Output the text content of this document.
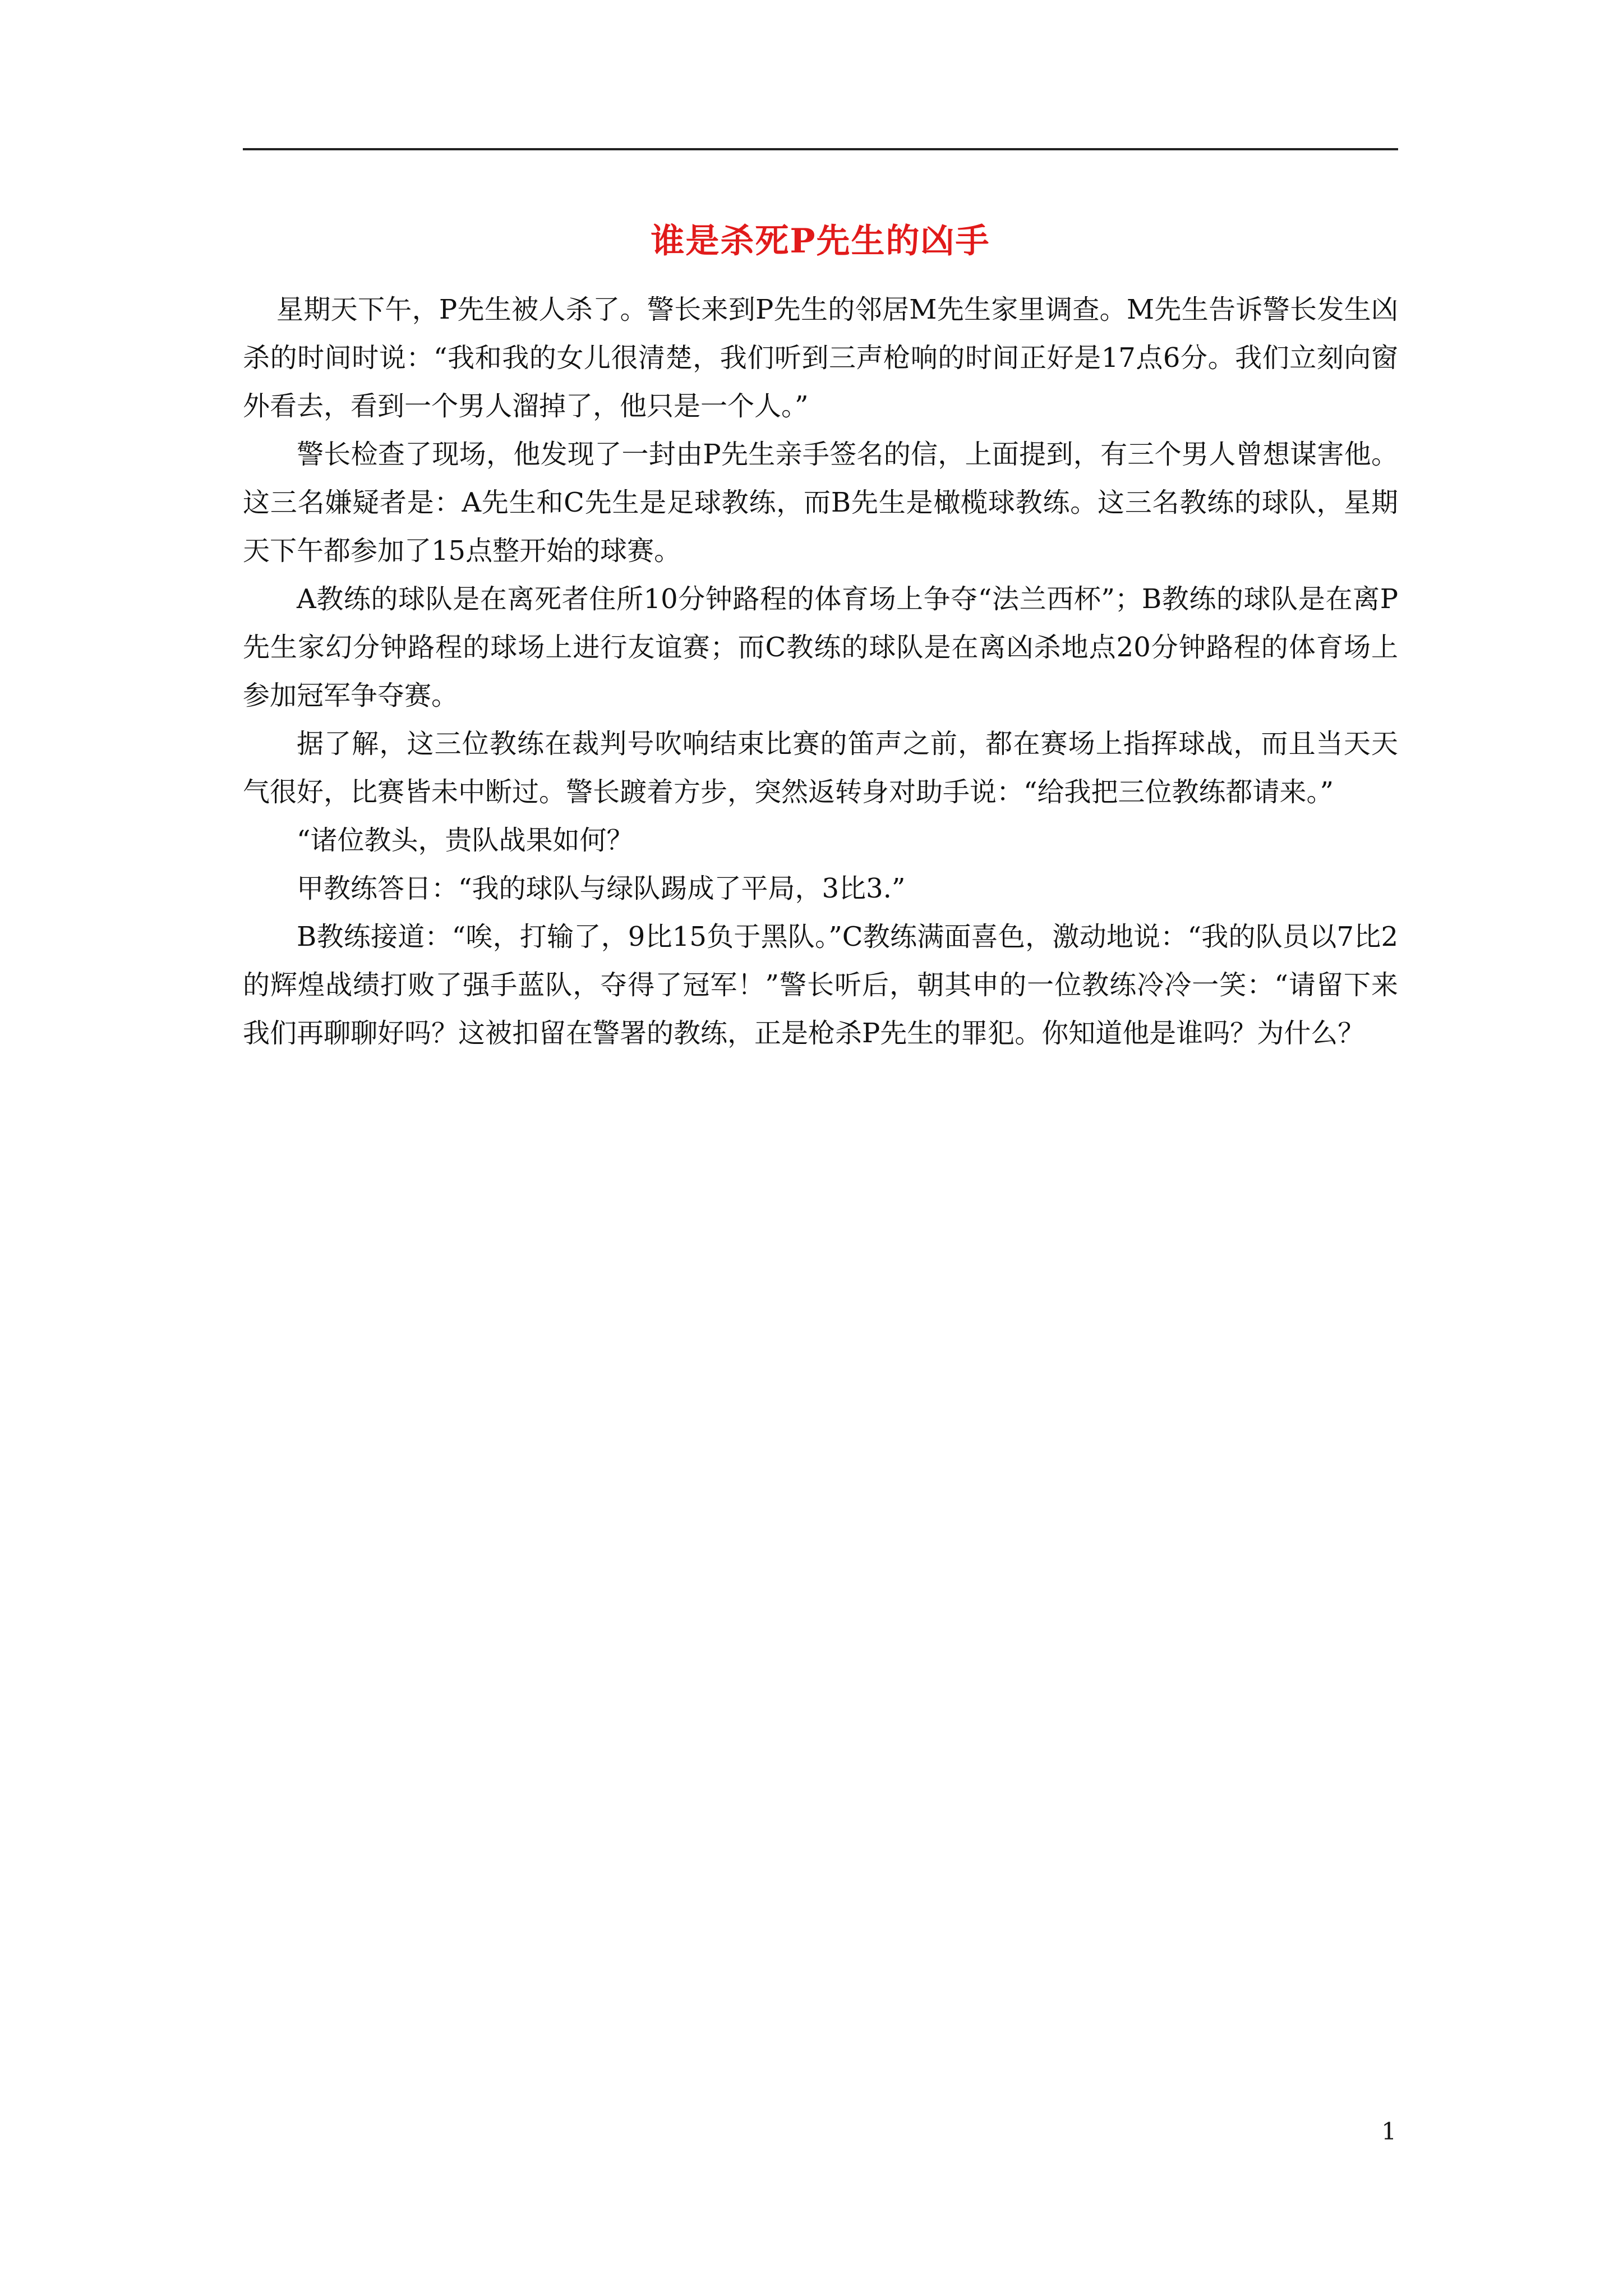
谁是杀死P先生的凶手

星期天下午，P先生被人杀了。警长来到P先生的邻居M先生家里调查。M先生告诉警长发生凶杀的时间时说：“我和我的女儿很清楚，我们听到三声枪响的时间正好是17点6分。我们立刻向窗外看去，看到一个男人溜掉了，他只是一个人。”

警长检查了现场，他发现了一封由P先生亲手签名的信，上面提到，有三个男人曾想谋害他。这三名嫌疑者是：A先生和C先生是足球教练，而B先生是橄榄球教练。这三名教练的球队，星期天下午都参加了15点整开始的球赛。

A教练的球队是在离死者住所10分钟路程的体育场上争夺“法兰西杯”；B教练的球队是在离P先生家幻分钟路程的球场上进行友谊赛；而C教练的球队是在离凶杀地点20分钟路程的体育场上参加冠军争夺赛。

据了解，这三位教练在裁判号吹响结束比赛的笛声之前，都在赛场上指挥球战，而且当天天气很好，比赛皆未中断过。警长踱着方步，突然返转身对助手说：“给我把三位教练都请来。”

“诸位教头，贵队战果如何？

甲教练答日：“我的球队与绿队踢成了平局，3比3.”

B教练接道：“唉，打输了，9比15负于黑队。”C教练满面喜色，激动地说：“我的队员以7比2的辉煌战绩打败了强手蓝队，夺得了冠军！”警长听后，朝其申的一位教练冷冷一笑：“请留下来我们再聊聊好吗？这被扣留在警署的教练，正是枪杀P先生的罪犯。你知道他是谁吗？为什么？

1
